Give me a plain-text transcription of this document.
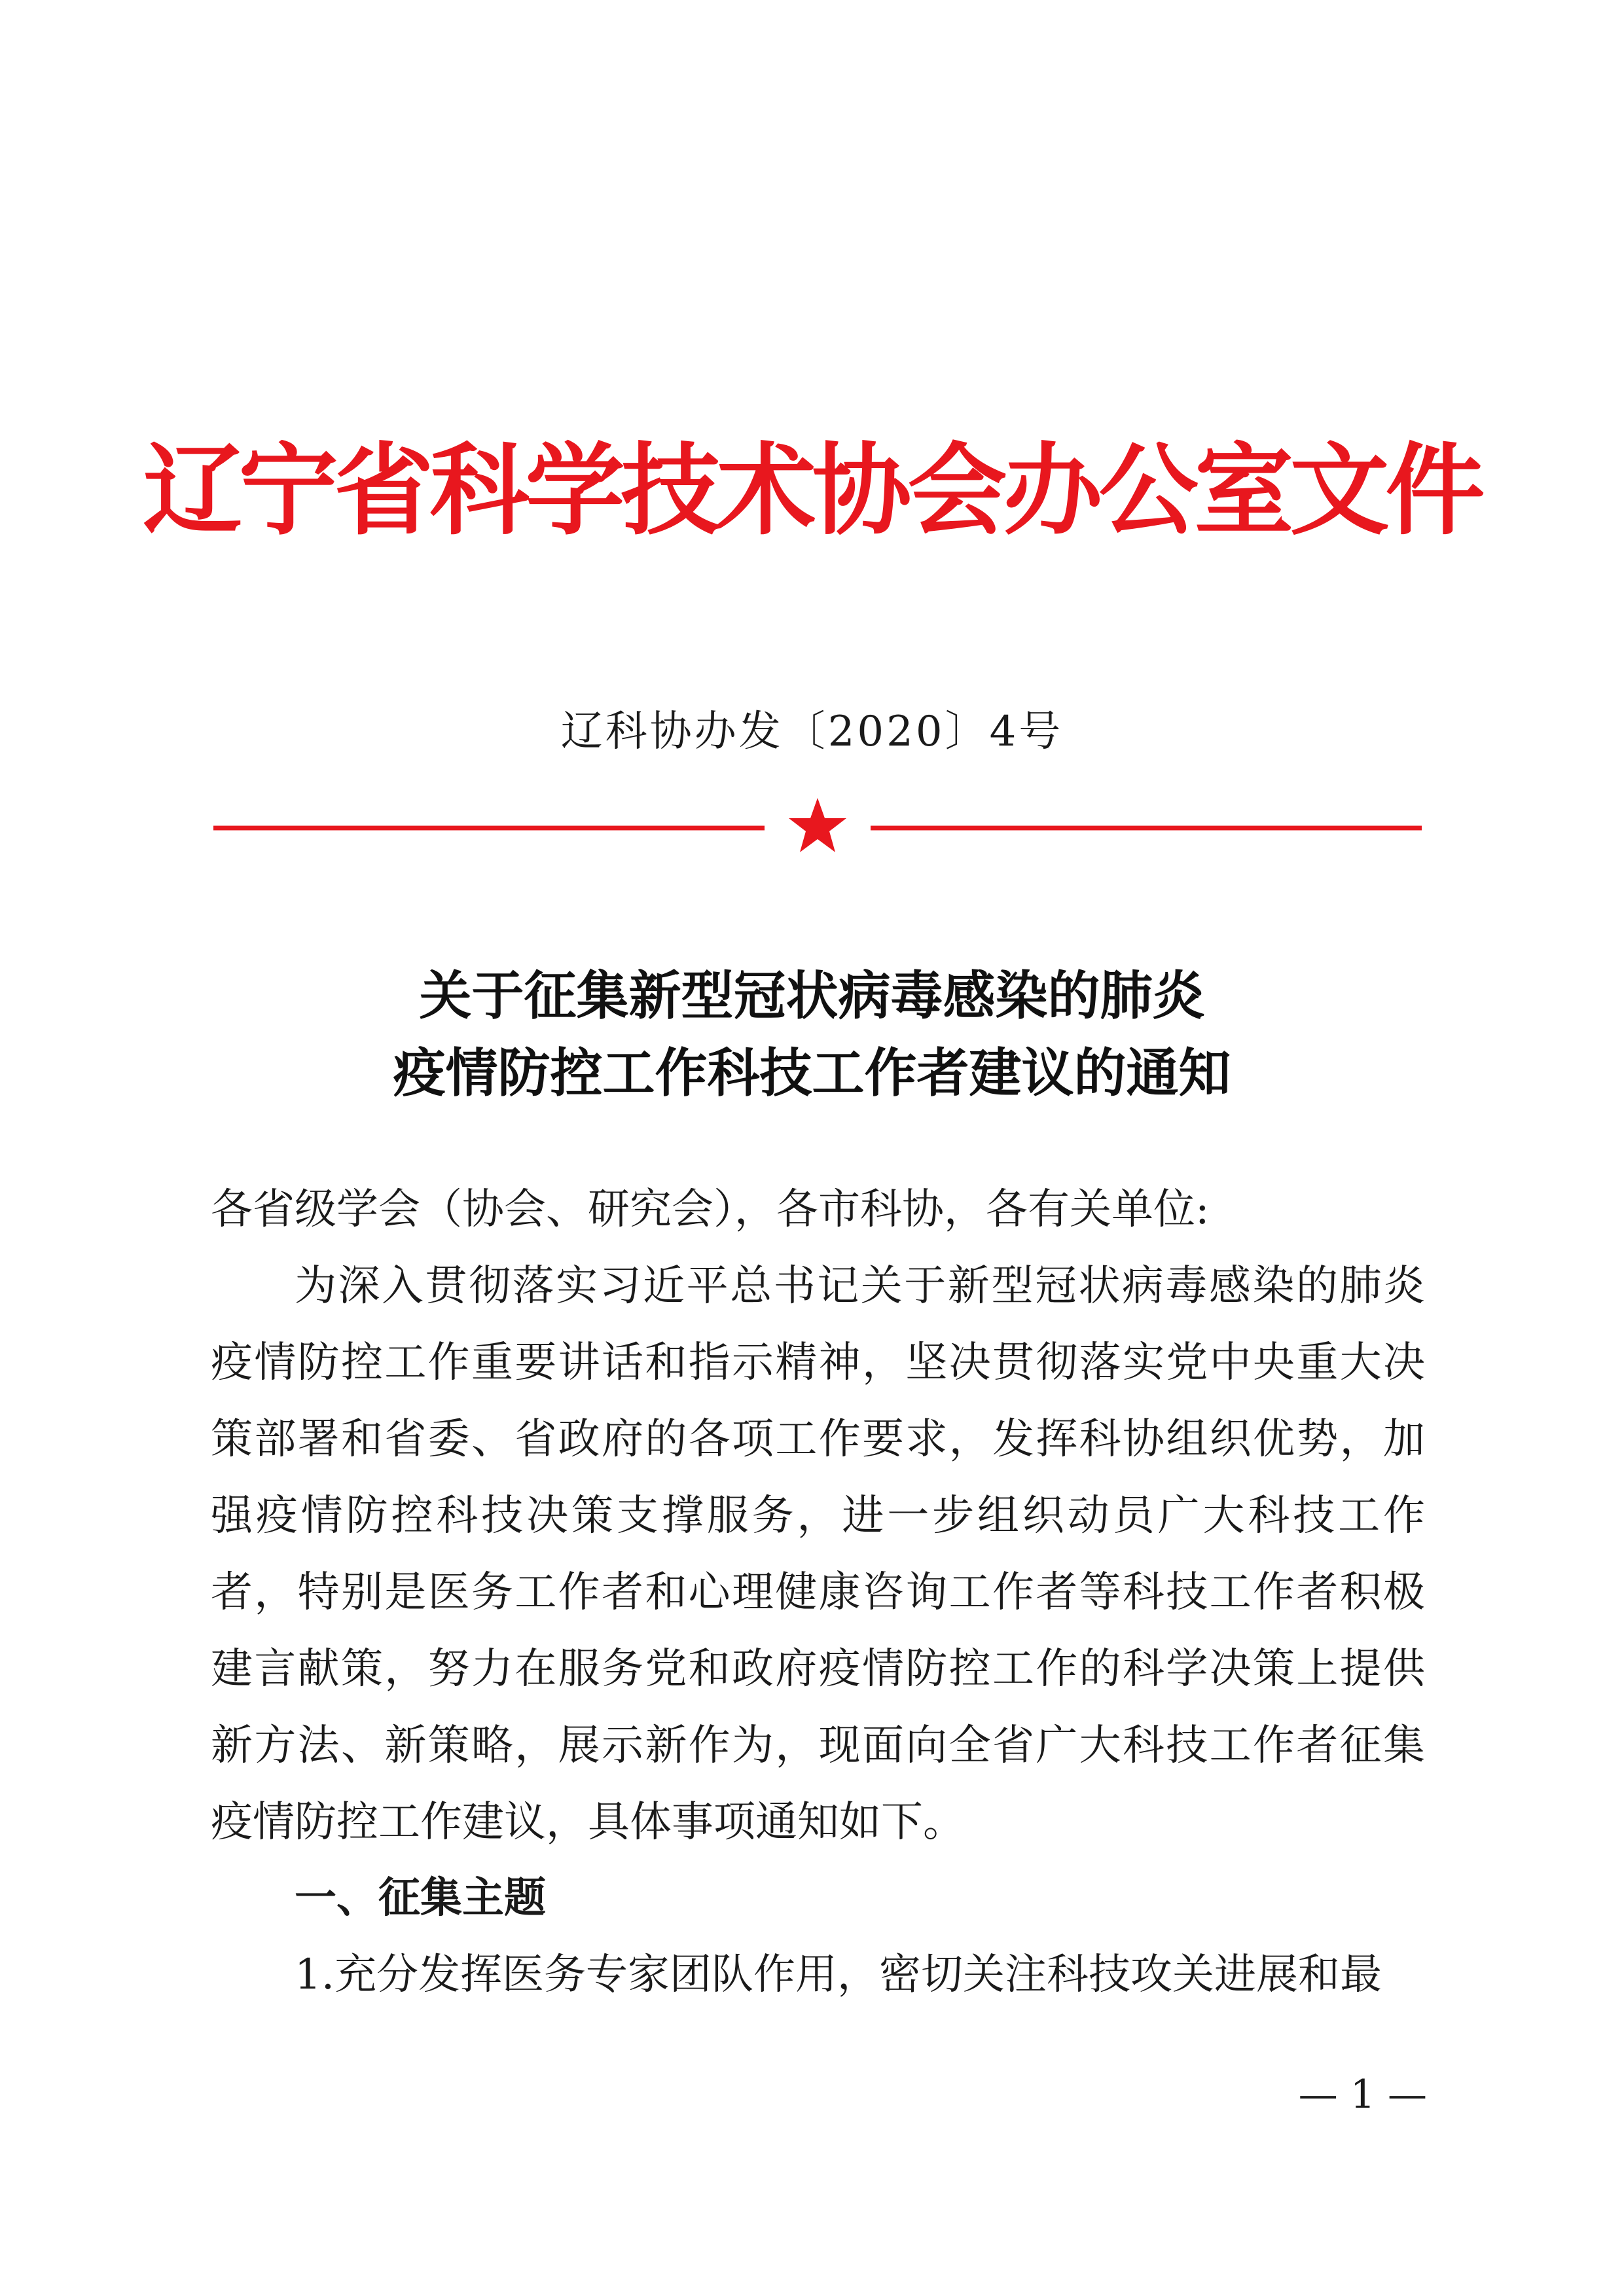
辽宁省科学技术协会办公室文件
辽科协办发〔2020〕4号
关于征集新型冠状病毒感染的肺炎
疫情防控工作科技工作者建议的通知

各省级学会（协会、研究会），各市科协，各有关单位:

为深入贯彻落实习近平总书记关于新型冠状病毒感染的肺炎疫情防控工作重要讲话和指示精神，坚决贯彻落实党中央重大决策部署和省委、省政府的各项工作要求，发挥科协组织优势，加强疫情防控科技决策支撑服务，进一步组织动员广大科技工作者，特别是医务工作者和心理健康咨询工作者等科技工作者积极建言献策，努力在服务党和政府疫情防控工作的科学决策上提供新方法、新策略，展示新作为，现面向全省广大科技工作者征集疫情防控工作建议，具体事项通知如下。

一、征集主题

1.充分发挥医务专家团队作用，密切关注科技攻关进展和最

— 1 —
